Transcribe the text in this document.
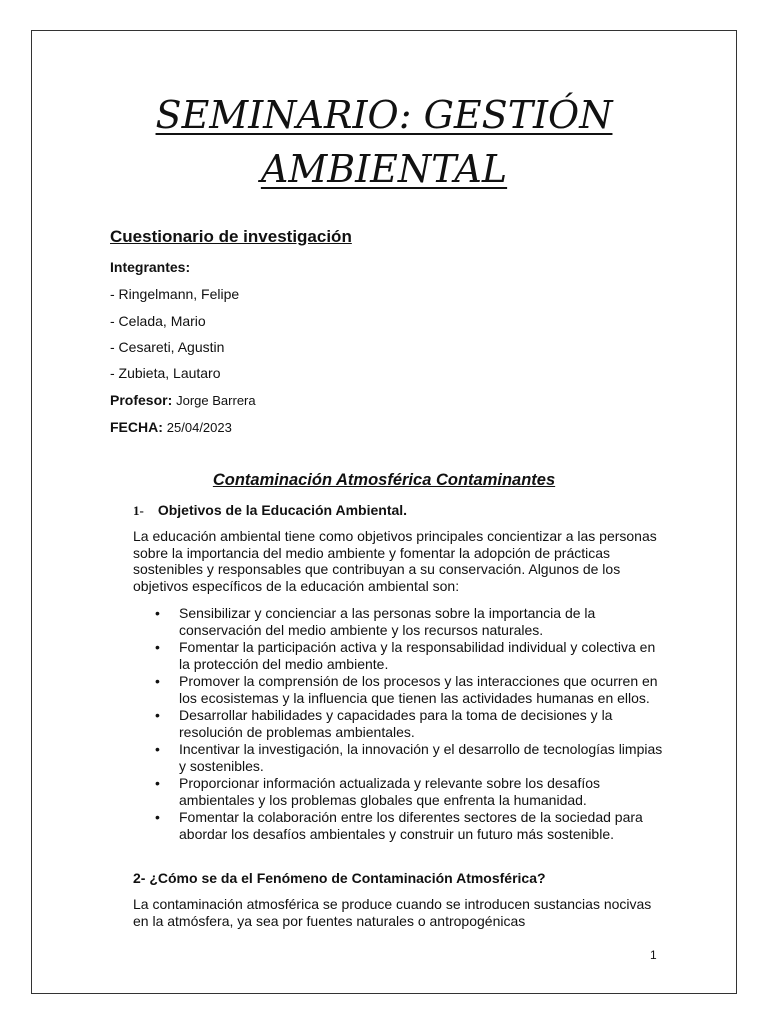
SEMINARIO: GESTIÓN
AMBIENTAL
Cuestionario de investigación
Integrantes:
- Ringelmann, Felipe
- Celada, Mario
- Cesareti, Agustin
- Zubieta, Lautaro
Profesor: Jorge Barrera
FECHA: 25/04/2023
Contaminación Atmosférica Contaminantes
1- Objetivos de la Educación Ambiental.
La educación ambiental tiene como objetivos principales concientizar a las personas sobre la importancia del medio ambiente y fomentar la adopción de prácticas sostenibles y responsables que contribuyan a su conservación. Algunos de los objetivos específicos de la educación ambiental son:
• Sensibilizar y concienciar a las personas sobre la importancia de la conservación del medio ambiente y los recursos naturales.
• Fomentar la participación activa y la responsabilidad individual y colectiva en la protección del medio ambiente.
• Promover la comprensión de los procesos y las interacciones que ocurren en los ecosistemas y la influencia que tienen las actividades humanas en ellos.
• Desarrollar habilidades y capacidades para la toma de decisiones y la resolución de problemas ambientales.
• Incentivar la investigación, la innovación y el desarrollo de tecnologías limpias y sostenibles.
• Proporcionar información actualizada y relevante sobre los desafíos ambientales y los problemas globales que enfrenta la humanidad.
• Fomentar la colaboración entre los diferentes sectores de la sociedad para abordar los desafíos ambientales y construir un futuro más sostenible.
2- ¿Cómo se da el Fenómeno de Contaminación Atmosférica?
La contaminación atmosférica se produce cuando se introducen sustancias nocivas en la atmósfera, ya sea por fuentes naturales o antropogénicas
1
